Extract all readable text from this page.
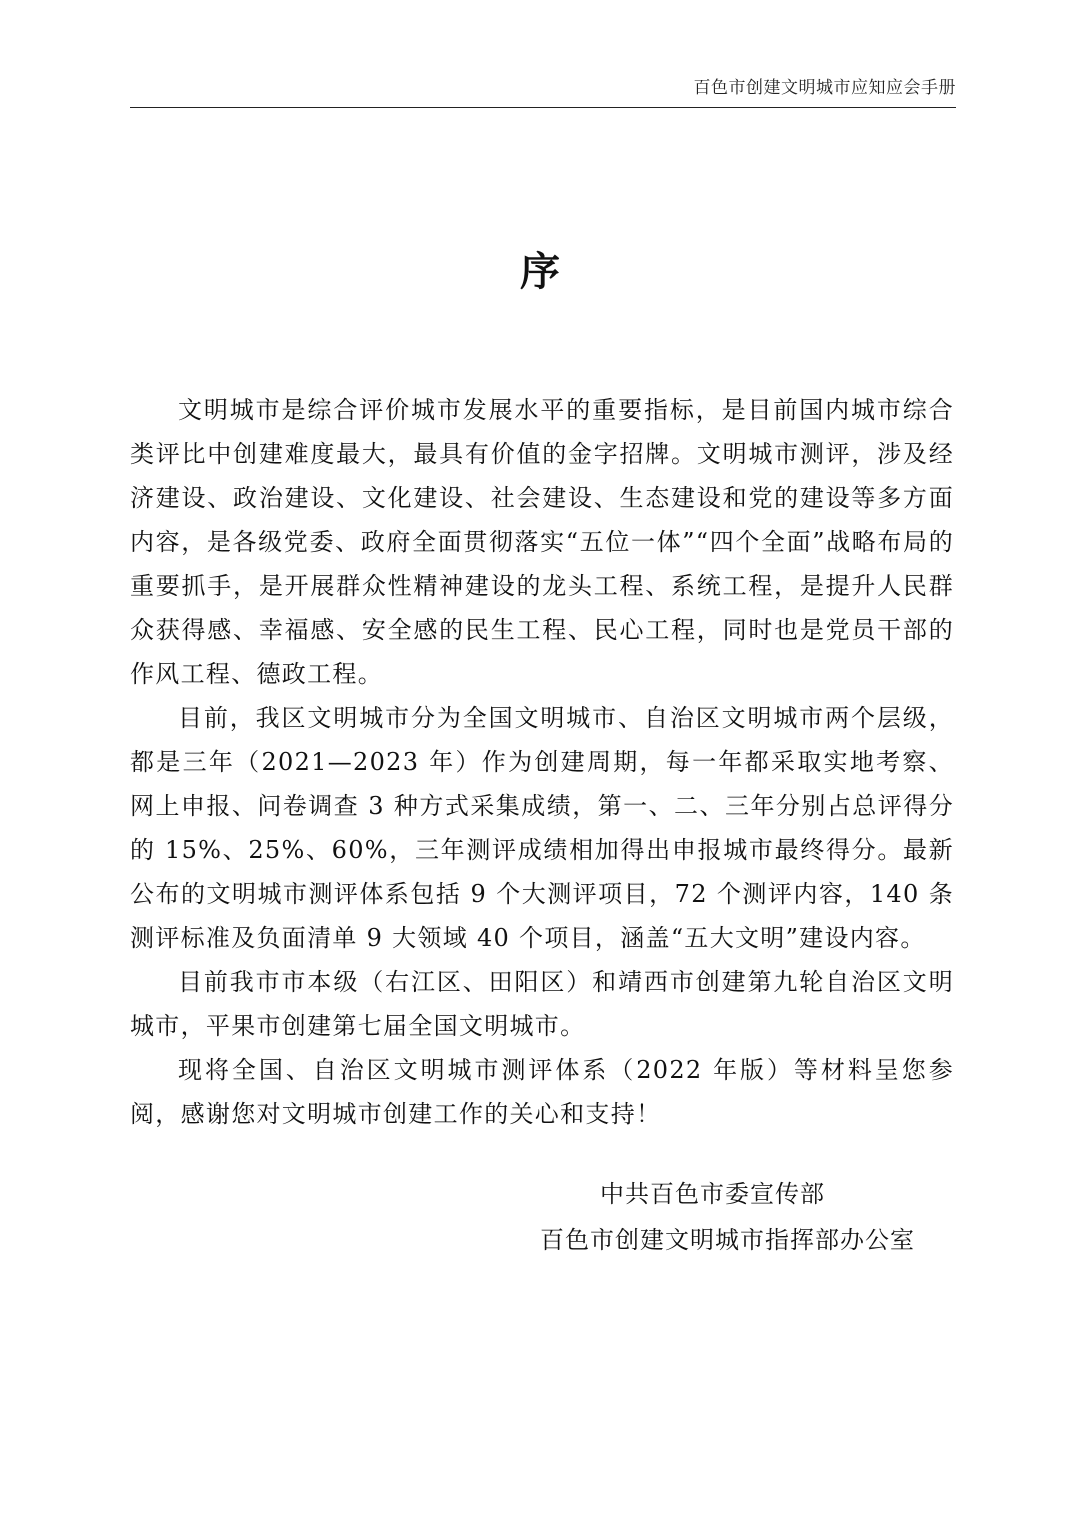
百色市创建文明城市应知应会手册
序

文明城市是综合评价城市发展水平的重要指标，是目前国内城市综合类评比中创建难度最大，最具有价值的金字招牌。文明城市测评，涉及经济建设、政治建设、文化建设、社会建设、生态建设和党的建设等多方面内容，是各级党委、政府全面贯彻落实“五位一体”“四个全面”战略布局的重要抓手，是开展群众性精神建设的龙头工程、系统工程，是提升人民群众获得感、幸福感、安全感的民生工程、民心工程，同时也是党员干部的作风工程、德政工程。

目前，我区文明城市分为全国文明城市、自治区文明城市两个层级，都是三年（2021—2023 年）作为创建周期，每一年都采取实地考察、网上申报、问卷调查 3 种方式采集成绩，第一、二、三年分别占总评得分的 15%、25%、60%，三年测评成绩相加得出申报城市最终得分。最新公布的文明城市测评体系包括 9 个大测评项目，72 个测评内容，140 条测评标准及负面清单 9 大领域 40 个项目，涵盖“五大文明”建设内容。

目前我市市本级（右江区、田阳区）和靖西市创建第九轮自治区文明城市，平果市创建第七届全国文明城市。

现将全国、自治区文明城市测评体系（2022 年版）等材料呈您参阅，感谢您对文明城市创建工作的关心和支持！

中共百色市委宣传部
百色市创建文明城市指挥部办公室
